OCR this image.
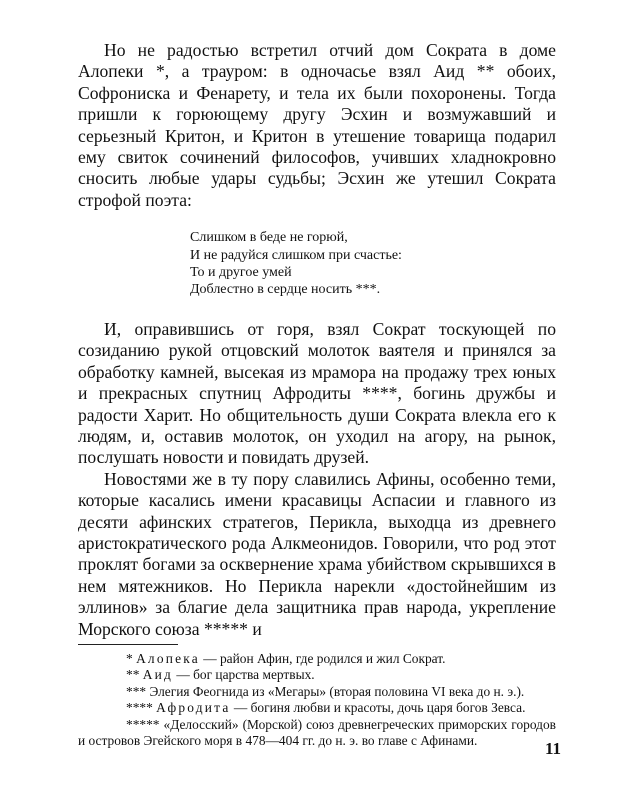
Но не радостью встретил отчий дом Сократа в доме Алопеки *, а трауром: в одночасье взял Аид ** обоих, Софрониска и Фенарету, и тела их были похоронены. Тогда пришли к горюющему другу Эсхин и возмужавший и серьезный Критон, и Критон в утешение товарища подарил ему свиток сочинений философов, учивших хладнокровно сносить любые удары судьбы; Эсхин же утешил Сократа строфой поэта:

Слишком в беде не горюй,
И не радуйся слишком при счастье:
То и другое умей
Доблестно в сердце носить ***.

И, оправившись от горя, взял Сократ тоскующей по созиданию рукой отцовский молоток ваятеля и принялся за обработку камней, высекая из мрамора на продажу трех юных и прекрасных спутниц Афродиты ****, богинь дружбы и радости Харит. Но общительность души Сократа влекла его к людям, и, оставив молоток, он уходил на агору, на рынок, послушать новости и повидать друзей.

Новостями же в ту пору славились Афины, особенно теми, которые касались имени красавицы Аспасии и главного из десяти афинских стратегов, Перикла, выходца из древнего аристократического рода Алкмеонидов. Говорили, что род этот проклят богами за осквернение храма убийством скрывшихся в нем мятежников. Но Перикла нарекли «достойнейшим из эллинов» за благие дела защитника прав народа, укрепление Морского союза ***** и

* Алопека — район Афин, где родился и жил Сократ.

** Аид — бог царства мертвых.

*** Элегия Феогнида из «Мегары» (вторая половина VI века до н. э.).

**** Афродита — богиня любви и красоты, дочь царя богов Зевса.

***** «Делосский» (Морской) союз древнегреческих приморских городов и островов Эгейского моря в 478—404 гг. до н. э. во главе с Афинами.	11
